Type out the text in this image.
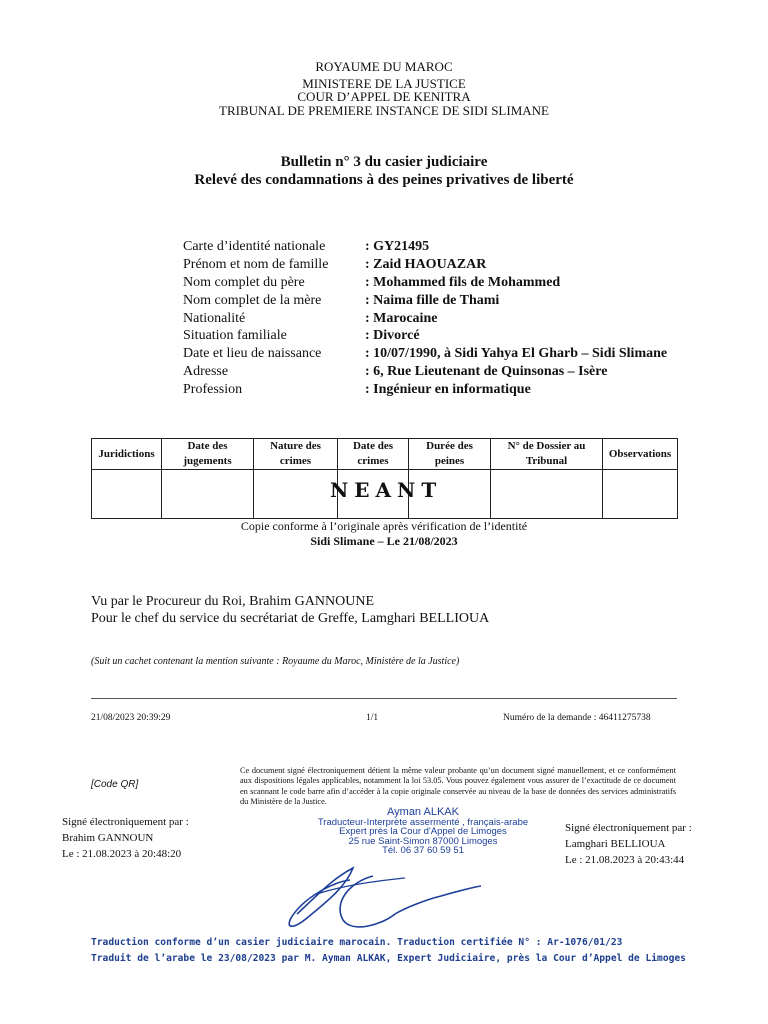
ROYAUME DU MAROC
MINISTERE DE LA JUSTICE
COUR D’APPEL DE KENITRA
TRIBUNAL DE PREMIERE INSTANCE DE SIDI SLIMANE
Bulletin n° 3 du casier judiciaire
Relevé des condamnations à des peines privatives de liberté
Carte d’identité nationale	: GY21495
Prénom et nom de famille	: Zaid HAOUAZAR
Nom complet du père	: Mohammed fils de Mohammed
Nom complet de la mère	: Naima fille de Thami
Nationalité	: Marocaine
Situation familiale	: Divorcé
Date et lieu de naissance	: 10/07/1990, à Sidi Yahya El Gharb – Sidi Slimane
Adresse	: 6, Rue Lieutenant de Quinsonas – Isère
Profession	: Ingénieur en informatique
Juridictions	Date des jugements	Nature des crimes	Date des crimes	Durée des peines	N° de Dossier au Tribunal	Observations

NEANT
Copie conforme à l’originale après vérification de l’identité
Sidi Slimane – Le 21/08/2023
Vu par le Procureur du Roi, Brahim GANNOUNE
Pour le chef du service du secrétariat de Greffe, Lamghari BELLIOUA
(Suit un cachet contenant la mention suivante : Royaume du Maroc, Ministère de la Justice)
21/08/2023 20:39:29	1/1	Numéro de la demande : 46411275738
[Code QR]
Ce document signé électroniquement détient la même valeur probante qu’un document signé manuellement, et ce conformément aux dispositions légales applicables, notamment la loi 53.05. Vous pouvez également vous assurer de l’exactitude de ce document en scannant le code barre afin d’accéder à la copie originale conservée au niveau de la base de données des services administratifs du Ministère de la Justice.
Signé électroniquement par :
Brahim GANNOUN
Le : 21.08.2023 à 20:48:20
Signé électroniquement par :
Lamghari BELLIOUA
Le : 21.08.2023 à 20:43:44
Ayman ALKAK
Traducteur-Interprète assermenté , français-arabe
Expert près la Cour d'Appel de Limoges
25 rue Saint-Simon 87000 Limoges
Tél. 06 37 60 59 51
Traduction conforme d’un casier judiciaire marocain. Traduction certifiée N° : Ar-1076/01/23
Traduit de l’arabe le 23/08/2023 par M. Ayman ALKAK, Expert Judiciaire, près la Cour d’Appel de Limoges
